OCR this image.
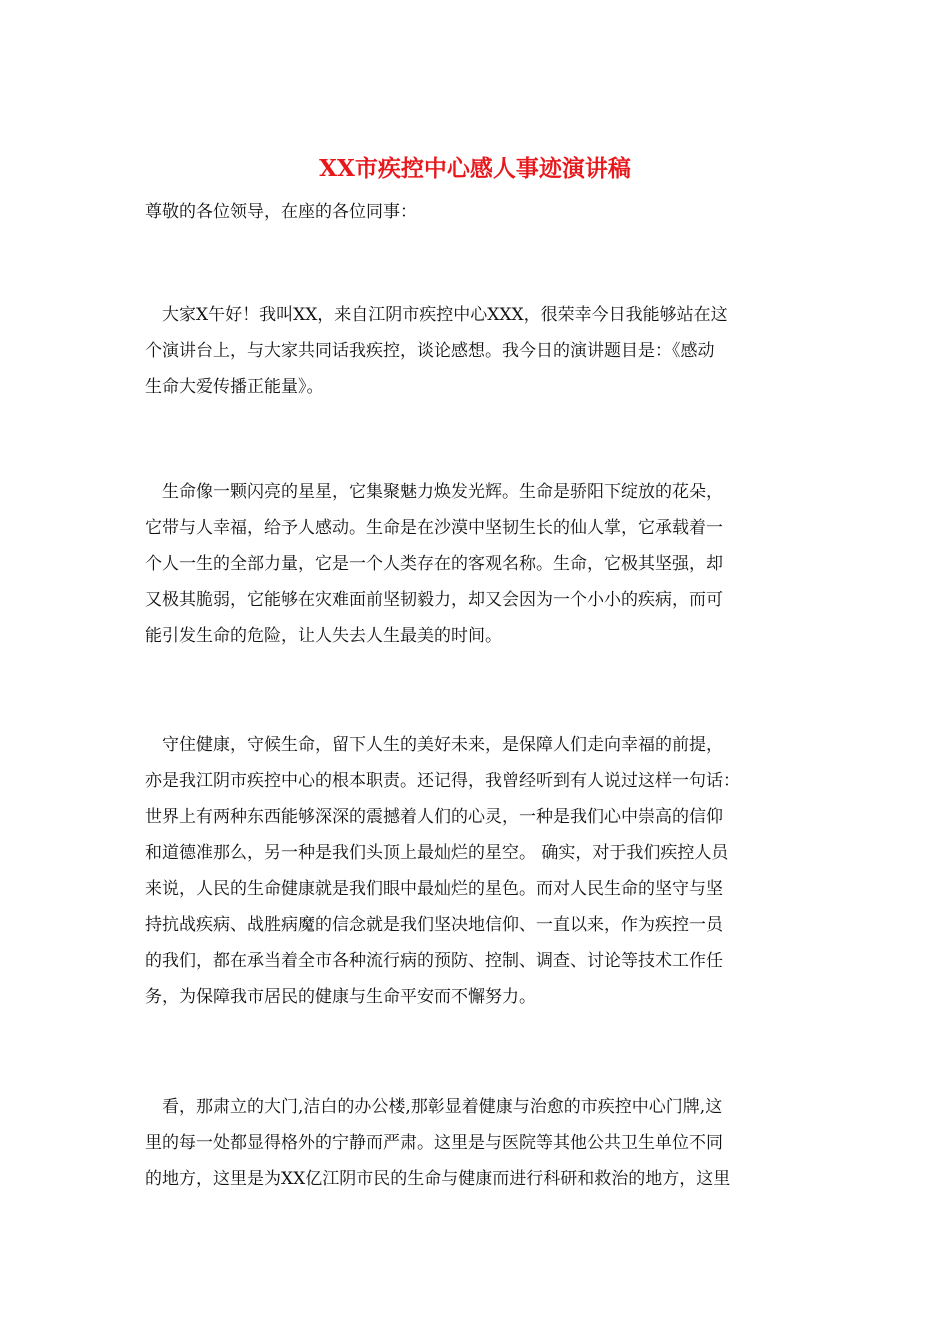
XX市疾控中心感人事迹演讲稿
尊敬的各位领导，在座的各位同事：
　大家X午好！我叫XX，来自江阴市疾控中心XXX，很荣幸今日我能够站在这
个演讲台上，与大家共同话我疾控，谈论感想。我今日的演讲题目是：《感动
生命大爱传播正能量》。
　生命像一颗闪亮的星星，它集聚魅力焕发光辉。生命是骄阳下绽放的花朵，
它带与人幸福，给予人感动。生命是在沙漠中坚韧生长的仙人掌，它承载着一
个人一生的全部力量，它是一个人类存在的客观名称。生命，它极其坚强，却
又极其脆弱，它能够在灾难面前坚韧毅力，却又会因为一个小小的疾病，而可
能引发生命的危险，让人失去人生最美的时间。
　守住健康，守候生命，留下人生的美好未来，是保障人们走向幸福的前提，
亦是我江阴市疾控中心的根本职责。还记得，我曾经听到有人说过这样一句话：
世界上有两种东西能够深深的震撼着人们的心灵，一种是我们心中崇高的信仰
和道德准那么，另一种是我们头顶上最灿烂的星空。 确实，对于我们疾控人员
来说，人民的生命健康就是我们眼中最灿烂的星色。而对人民生命的坚守与坚
持抗战疾病、战胜病魔的信念就是我们坚决地信仰、一直以来，作为疾控一员
的我们，都在承当着全市各种流行病的预防、控制、调查、讨论等技术工作任
务，为保障我市居民的健康与生命平安而不懈努力。
　看，那肃立的大门,洁白的办公楼,那彰显着健康与治愈的市疾控中心门牌,这
里的每一处都显得格外的宁静而严肃。这里是与医院等其他公共卫生单位不同
的地方，这里是为XX亿江阴市民的生命与健康而进行科研和救治的地方，这里
